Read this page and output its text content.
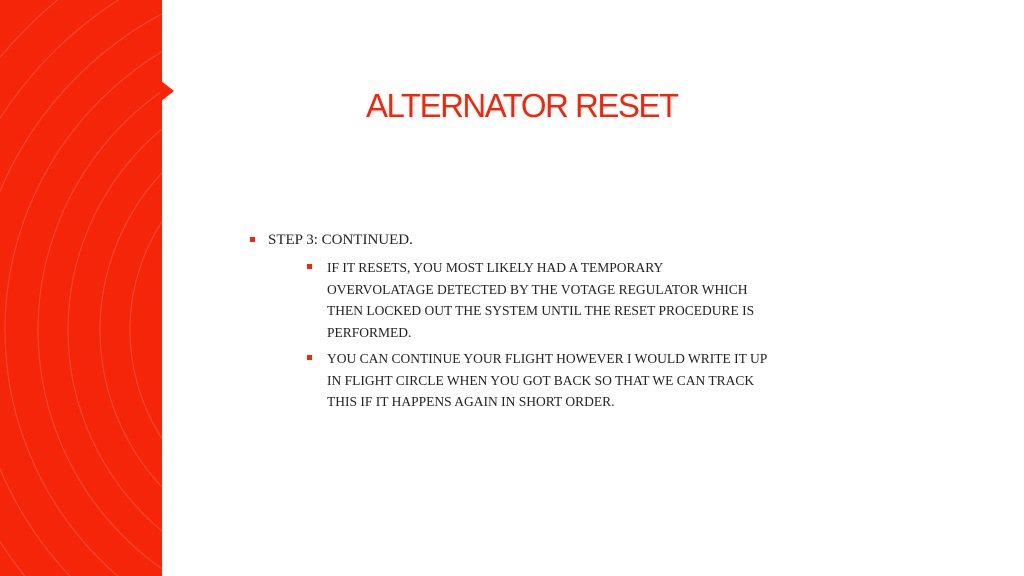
ALTERNATOR RESET
STEP 3: CONTINUED.
IF IT RESETS, YOU MOST LIKELY HAD A TEMPORARY OVERVOLATAGE DETECTED BY THE VOTAGE REGULATOR WHICH THEN LOCKED OUT THE SYSTEM UNTIL THE RESET PROCEDURE IS PERFORMED.
YOU CAN CONTINUE YOUR FLIGHT HOWEVER I WOULD WRITE IT UP IN FLIGHT CIRCLE WHEN YOU GOT BACK SO THAT WE CAN TRACK THIS IF IT HAPPENS AGAIN IN SHORT ORDER.
